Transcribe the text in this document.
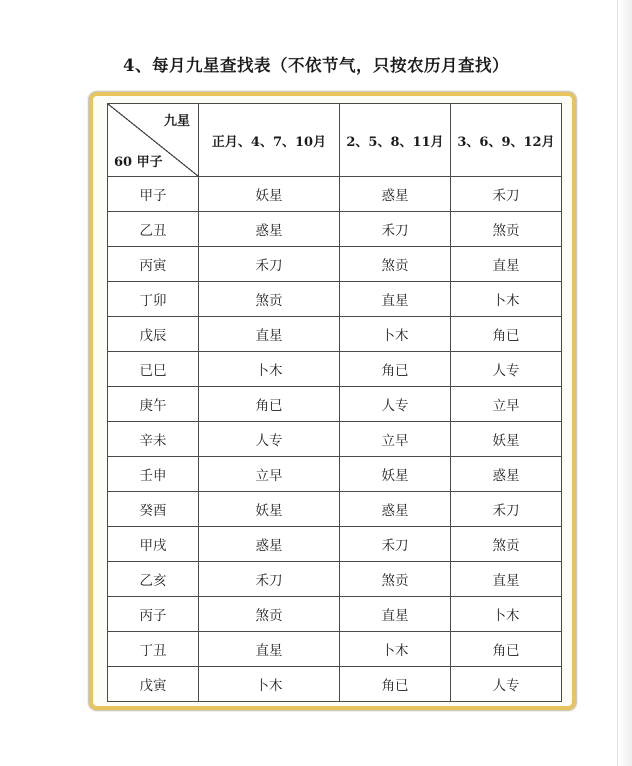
4、每月九星查找表（不依节气，只按农历月查找）
九星
60 甲子	正月、4、7、10月	2、5、8、11月	3、6、9、12月
甲子	妖星	惑星	禾刀
乙丑	惑星	禾刀	煞贡
丙寅	禾刀	煞贡	直星
丁卯	煞贡	直星	卜木
戊辰	直星	卜木	角已
已巳	卜木	角已	人专
庚午	角已	人专	立早
辛未	人专	立早	妖星
壬申	立早	妖星	惑星
癸酉	妖星	惑星	禾刀
甲戌	惑星	禾刀	煞贡
乙亥	禾刀	煞贡	直星
丙子	煞贡	直星	卜木
丁丑	直星	卜木	角已
戊寅	卜木	角已	人专
